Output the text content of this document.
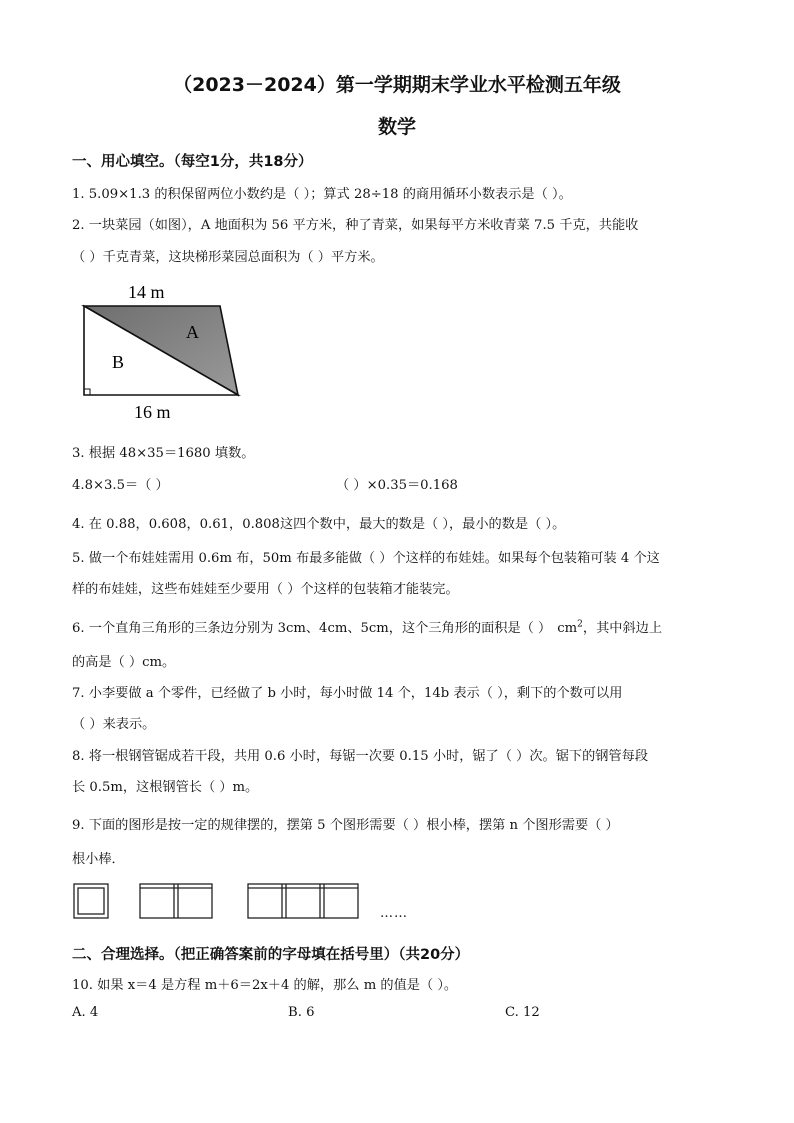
（2023－2024）第一学期期末学业水平检测五年级
数学
一、用心填空。（每空1分，共18分）
1. 5.09×1.3 的积保留两位小数约是（ ）；算式 28÷18 的商用循环小数表示是（ ）。
2. 一块菜园（如图），A 地面积为 56 平方米，种了青菜，如果每平方米收青菜 7.5 千克，共能收
（ ）千克青菜，这块梯形菜园总面积为（ ）平方米。
14 m
16 m
A
B
3. 根据 48×35＝1680 填数。
4.8×3.5＝（ ）	（ ）×0.35＝0.168
4. 在 0.8̇8̇，0.60̇8̇，0.61，0.8̇08̇这四个数中，最大的数是（ ），最小的数是（ ）。
5. 做一个布娃娃需用 0.6m 布，50m 布最多能做（ ）个这样的布娃娃。如果每个包装箱可装 4 个这
样的布娃娃，这些布娃娃至少要用（ ）个这样的包装箱才能装完。
6. 一个直角三角形的三条边分别为 3cm、4cm、5cm，这个三角形的面积是（ ） $cm^2$，其中斜边上
的高是（ ）cm。
7. 小李要做 a 个零件，已经做了 b 小时，每小时做 14 个，14b 表示（ ），剩下的个数可以用
（ ）来表示。
8. 将一根钢管锯成若干段，共用 0.6 小时，每锯一次要 0.15 小时，锯了（ ）次。锯下的钢管每段
长 0.5m，这根钢管长（ ）m。
9. 下面的图形是按一定的规律摆的，摆第 5 个图形需要（ ）根小棒，摆第 n 个图形需要（ ）
根小棒．
……
二、合理选择。（把正确答案前的字母填在括号里）（共20分）
10. 如果 x＝4 是方程 m＋6＝2x＋4 的解，那么 m 的值是（ ）。
A. 4	B. 6	C. 12
